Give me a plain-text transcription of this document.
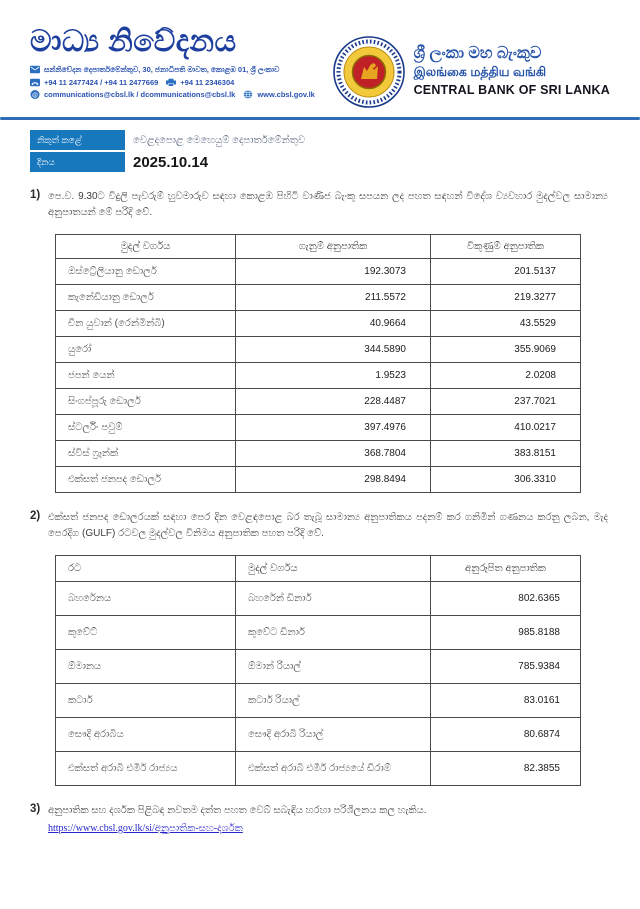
මාධ්‍ය නිවේදනය
සන්නිවේදන දෙපාර්තමේන්තුව, 30, ජනාධිපති මාවත, කොළඹ 01, ශ්‍රී ලංකාව
+94 11 2477424 / +94 11 2477669	+94 11 2346304
@ communications@cbsl.lk / dcommunications@cbsl.lk	www.cbsl.gov.lk
ශ්‍රී ලංකා මහ බැංකුව
இலங்கை மத்திய வங்கி
CENTRAL BANK OF SRI LANKA
නිකුත් කළේ	වෙළදපොළ මෙහෙයුම් දෙපාර්තමේන්තුව
දිනය	2025.10.14
1) පෙ.ව. 9.30ට විදුලි පැවරුම් හුවමාරුව සඳහා කොළඹ පිහිටි වාණිජ බැංකු සපයන ලද පහත සඳහන් විදේශ ව්‍යවහාර මුදල්වල සාමාන්‍ය අනුපාතයන් මේ පරිදි වේ.
මුදල් වර්ගය	ගැනුම් අනුපාතික	විකුණුම් අනුපාතික
ඔස්ට්‍රේලියානු ඩොලර්	192.3073	201.5137
කැනේඩියානු ඩොලර්	211.5572	219.3277
චීන යුවාන් (රෙන්මින්බි)	40.9664	43.5529
යුරෝ	344.5890	355.9069
ජපන් යෙන්	1.9523	2.0208
සිංගප්පූරු ඩොලර්	228.4487	237.7021
ස්ටර්ලිං පවුම්	397.4976	410.0217
ස්විස් ෆ්‍රෑන්ක්	368.7804	383.8151
එක්සත් ජනපද ඩොලර්	298.8494	306.3310
2) එක්සත් ජනපද ඩොලරයක් සඳහා පෙර දින වෙළඳපොළ බර තැබූ සාමාන්‍ය අනුපාතිකය පදනම් කර ගනිමින් ගණනය කරනු ලබන, මැද පෙරදිග (GULF) රටවල මුදල්වල විනිමය අනුපාතික පහත පරිදි වේ.
රට	මුදල් වර්ගය	අනුරූපිත අනුපාතික
බහරේනය	බහරේන් ඩිනාර්	802.6365
කුවේට්	කුවේට ඩිනාර්	985.8188
ඕමානය	ඕමාන් රියාල්	785.9384
කටාර්	කටාර් රියාල්	83.0161
සෞදි අරාබිය	සෞදි අරාබි රියාල්	80.6874
එක්සත් අරාබි එමීර් රාජ්‍යය	එක්සත් අරාබි එමීර් රාජ්‍යයේ ඩිරාම්	82.3855
3) අනුපාතික සහ දර්ශක පිළිබඳ නවතම දත්ත පහත වෙබ් සබැඳිය හරහා පරිශීලනය කල හැකිය.
https://www.cbsl.gov.lk/si/අනුපාතික-සහ-දර්ශක
